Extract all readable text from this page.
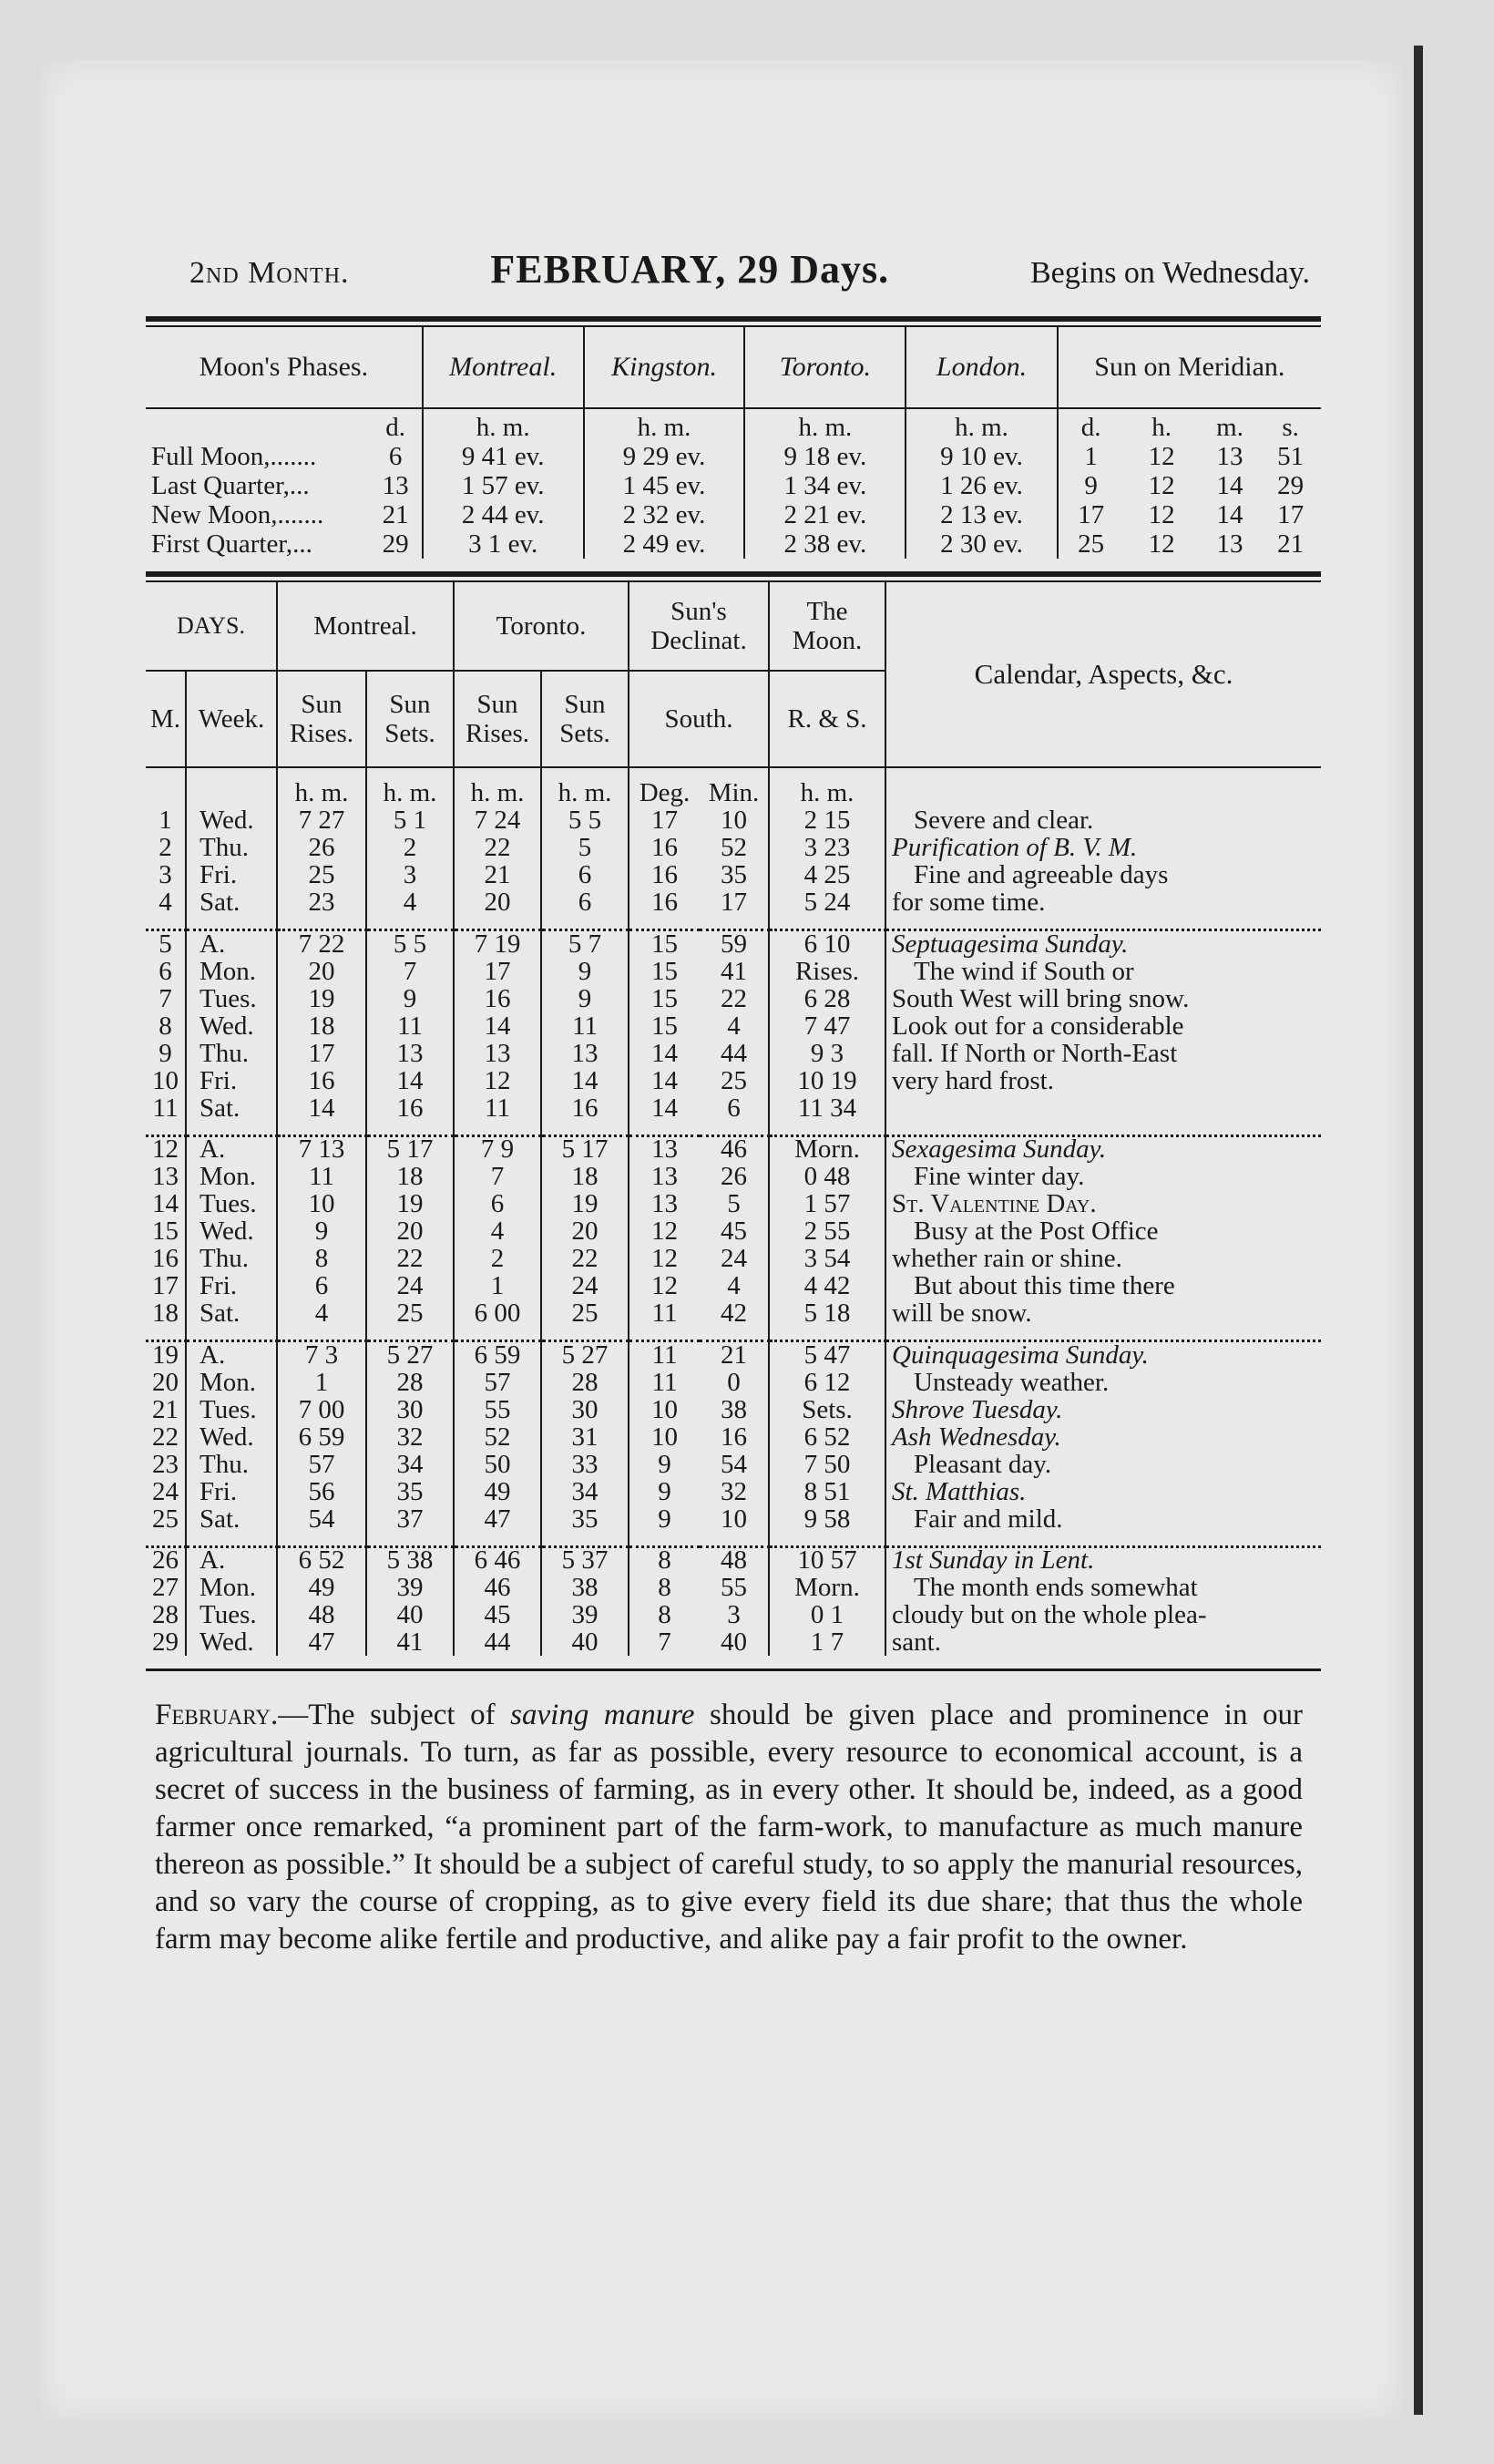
2nd Month.	FEBRUARY, 29 Days.	Begins on Wednesday.
Moon's Phases.		Montreal.	Kingston.	Toronto.	London.	Sun on Meridian.			
	d.	h. m.	h. m.	h. m.	h. m.	d.	h.	m.	s.
Full Moon,.......	6	9 41 ev.	9 29 ev.	9 18 ev.	9 10 ev.	1	12	13	51
Last Quarter,...	13	1 57 ev.	1 45 ev.	1 34 ev.	1 26 ev.	9	12	14	29
New Moon,.......	21	2 44 ev.	2 32 ev.	2 21 ev.	2 13 ev.	17	12	14	17
First Quarter,...	29	3 1 ev.	2 49 ev.	2 38 ev.	2 30 ev.	25	12	13	21
DAYS.		Montreal.		Toronto.		Sun's Declinat.		The Moon.	Calendar, Aspects, &c.
M.	Week.	Sun Rises.	Sun Sets.	Sun Rises.	Sun Sets.	South.		R. & S.	
		h. m.	h. m.	h. m.	h. m.	Deg.	Min.	h. m.	
1	Wed.	7 27	5 1	7 24	5 5	17	10	2 15	Severe and clear.
2	Thu.	26	2	22	5	16	52	3 23	Purification of B. V. M.
3	Fri.	25	3	21	6	16	35	4 25	Fine and agreeable days
4	Sat.	23	4	20	6	16	17	5 24	for some time.

5	A.	7 22	5 5	7 19	5 7	15	59	6 10	Septuagesima Sunday.
6	Mon.	20	7	17	9	15	41	Rises.	The wind if South or
7	Tues.	19	9	16	9	15	22	6 28	South West will bring snow.
8	Wed.	18	11	14	11	15	4	7 47	Look out for a considerable
9	Thu.	17	13	13	13	14	44	9 3	fall. If North or North-East
10	Fri.	16	14	12	14	14	25	10 19	very hard frost.
11	Sat.	14	16	11	16	14	6	11 34	

12	A.	7 13	5 17	7 9	5 17	13	46	Morn.	Sexagesima Sunday.
13	Mon.	11	18	7	18	13	26	0 48	Fine winter day.
14	Tues.	10	19	6	19	13	5	1 57	St. Valentine Day.
15	Wed.	9	20	4	20	12	45	2 55	Busy at the Post Office
16	Thu.	8	22	2	22	12	24	3 54	whether rain or shine.
17	Fri.	6	24	1	24	12	4	4 42	But about this time there
18	Sat.	4	25	6 00	25	11	42	5 18	will be snow.

19	A.	7 3	5 27	6 59	5 27	11	21	5 47	Quinquagesima Sunday.
20	Mon.	1	28	57	28	11	0	6 12	Unsteady weather.
21	Tues.	7 00	30	55	30	10	38	Sets.	Shrove Tuesday.
22	Wed.	6 59	32	52	31	10	16	6 52	Ash Wednesday.
23	Thu.	57	34	50	33	9	54	7 50	Pleasant day.
24	Fri.	56	35	49	34	9	32	8 51	St. Matthias.
25	Sat.	54	37	47	35	9	10	9 58	Fair and mild.

26	A.	6 52	5 38	6 46	5 37	8	48	10 57	1st Sunday in Lent.
27	Mon.	49	39	46	38	8	55	Morn.	The month ends somewhat
28	Tues.	48	40	45	39	8	3	0 1	cloudy but on the whole plea-
29	Wed.	47	41	44	40	7	40	1 7	sant.

February.—The subject of saving manure should be given place and prominence in our agricultural journals. To turn, as far as possible, every resource to economical account, is a secret of success in the business of farming, as in every other. It should be, indeed, as a good farmer once remarked, “a prominent part of the farm-work, to manufacture as much manure thereon as possible.” It should be a subject of careful study, to so apply the manurial resources, and so vary the course of cropping, as to give every field its due share; that thus the whole farm may become alike fertile and productive, and alike pay a fair profit to the owner.
